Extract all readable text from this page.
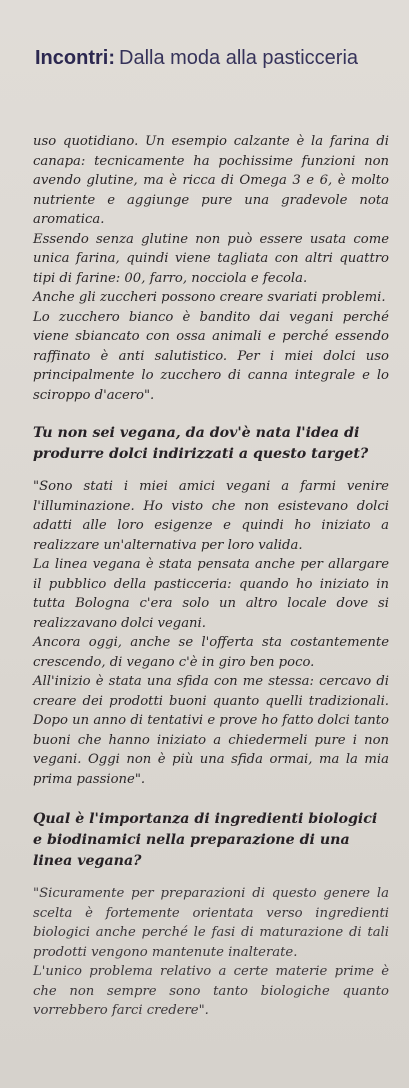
Incontri: Dalla moda alla pasticceria

uso quotidiano. Un esempio calzante è la farina di canapa: tecnicamente ha pochissime funzioni non avendo glutine, ma è ricca di Omega 3 e 6, è molto nutriente e aggiunge pure una gradevole nota aromatica.

Essendo senza glutine non può essere usata come unica farina, quindi viene tagliata con altri quattro tipi di farine: 00, farro, nocciola e fecola.

Anche gli zuccheri possono creare svariati problemi.

Lo zucchero bianco è bandito dai vegani perché viene sbiancato con ossa animali e perché essendo raffinato è anti salutistico. Per i miei dolci uso principalmente lo zucchero di canna integrale e lo sciroppo d'acero".

Tu non sei vegana, da dov'è nata l'idea di produrre dolci indirizzati a questo target?

"Sono stati i miei amici vegani a farmi venire l'illuminazione. Ho visto che non esistevano dolci adatti alle loro esigenze e quindi ho iniziato a realizzare un'alternativa per loro valida.

La linea vegana è stata pensata anche per allargare il pubblico della pasticceria: quando ho iniziato in tutta Bologna c'era solo un altro locale dove si realizzavano dolci vegani.

Ancora oggi, anche se l'offerta sta costantemente crescendo, di vegano c'è in giro ben poco.

All'inizio è stata una sfida con me stessa: cercavo di creare dei prodotti buoni quanto quelli tradizionali. Dopo un anno di tentativi e prove ho fatto dolci tanto buoni che hanno iniziato a chiedermeli pure i non vegani. Oggi non è più una sfida ormai, ma la mia prima passione".

Qual è l'importanza di ingredienti biologici e biodinamici nella preparazione di una linea vegana?

"Sicuramente per preparazioni di questo genere la scelta è fortemente orientata verso ingredienti biologici anche perché le fasi di maturazione di tali prodotti vengono mantenute inalterate.

L'unico problema relativo a certe materie prime è che non sempre sono tanto biologiche quanto vorrebbero farci credere".
